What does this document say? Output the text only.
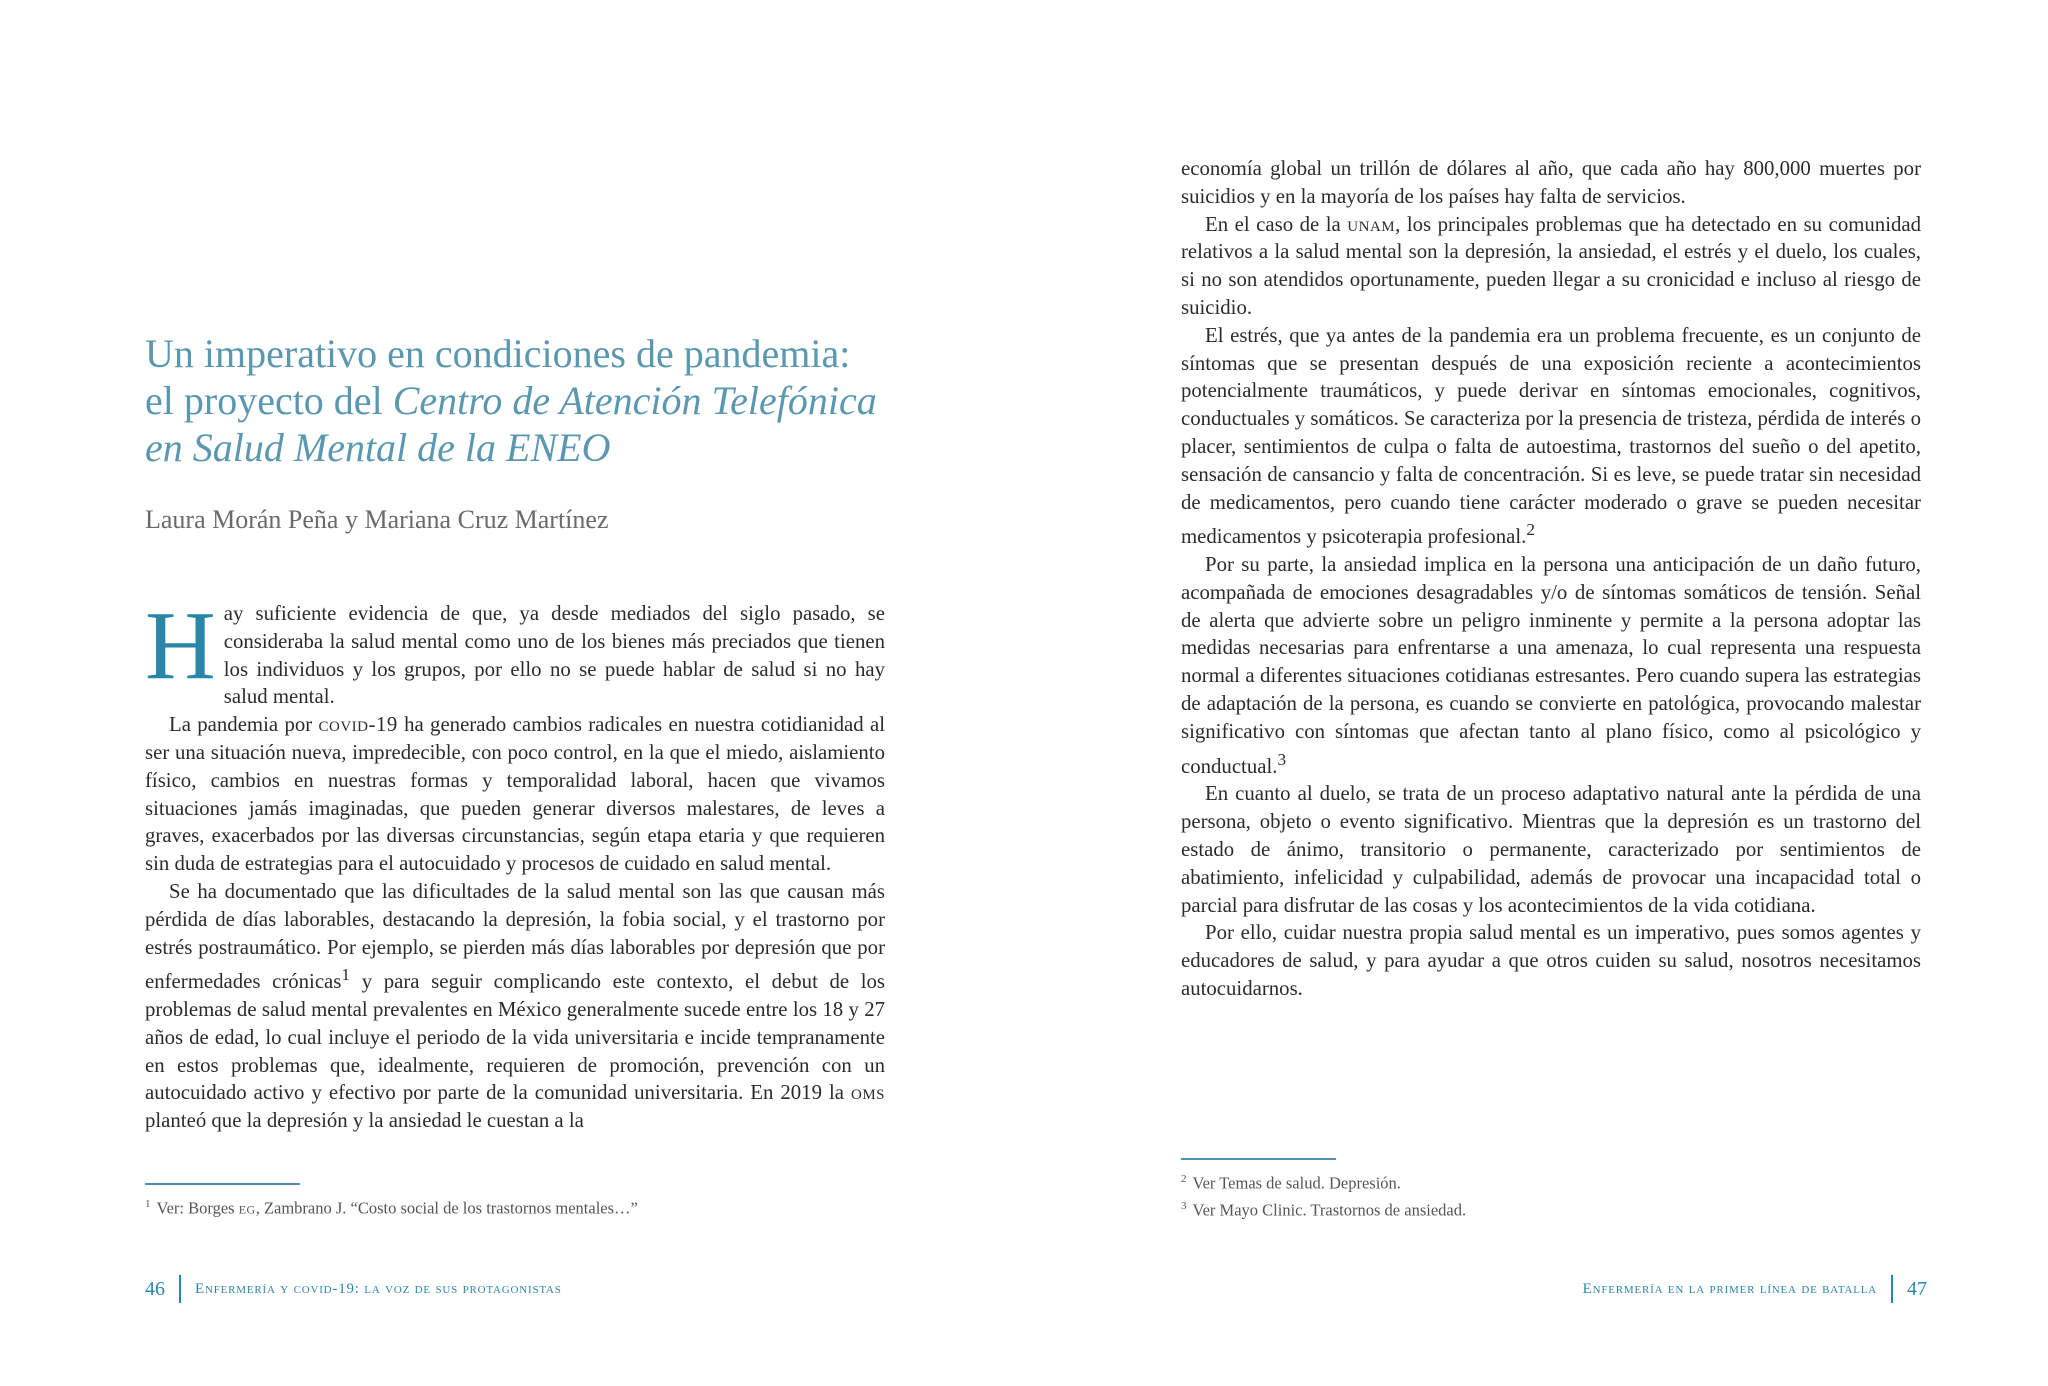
Un imperativo en condiciones de pandemia:
el proyecto del Centro de Atención Telefónica
en Salud Mental de la ENEO

Laura Morán Peña y Mariana Cruz Martínez

Hay suficiente evidencia de que, ya desde mediados del siglo pasado, se consideraba la salud mental como uno de los bienes más preciados que tienen los individuos y los grupos, por ello no se puede hablar de salud si no hay salud mental.

La pandemia por covid-19 ha generado cambios radicales en nuestra cotidianidad al ser una situación nueva, impredecible, con poco control, en la que el miedo, aislamiento físico, cambios en nuestras formas y temporalidad laboral, hacen que vivamos situaciones jamás imaginadas, que pueden generar diversos malestares, de leves a graves, exacerbados por las diversas circunstancias, según etapa etaria y que requieren sin duda de estrategias para el autocuidado y procesos de cuidado en salud mental.

Se ha documentado que las dificultades de la salud mental son las que causan más pérdida de días laborables, destacando la depresión, la fobia social, y el trastorno por estrés postraumático. Por ejemplo, se pierden más días laborables por depresión que por enfermedades crónicas$^1$ y para seguir complicando este contexto, el debut de los problemas de salud mental prevalentes en México generalmente sucede entre los 18 y 27 años de edad, lo cual incluye el periodo de la vida universitaria e incide tempranamente en estos problemas que, idealmente, requieren de promoción, prevención con un autocuidado activo y efectivo por parte de la comunidad universitaria. En 2019 la oms planteó que la depresión y la ansiedad le cuestan a la

$^1$ Ver: Borges eg, Zambrano J. “Costo social de los trastornos mentales…”
46 Enfermería y covid-19: la voz de sus protagonistas

economía global un trillón de dólares al año, que cada año hay 800,000 muertes por suicidios y en la mayoría de los países hay falta de servicios.

En el caso de la unam, los principales problemas que ha detectado en su comunidad relativos a la salud mental son la depresión, la ansiedad, el estrés y el duelo, los cuales, si no son atendidos oportunamente, pueden llegar a su cronicidad e incluso al riesgo de suicidio.

El estrés, que ya antes de la pandemia era un problema frecuente, es un conjunto de síntomas que se presentan después de una exposición reciente a acontecimientos potencialmente traumáticos, y puede derivar en síntomas emocionales, cognitivos, conductuales y somáticos. Se caracteriza por la presencia de tristeza, pérdida de interés o placer, sentimientos de culpa o falta de autoestima, trastornos del sueño o del apetito, sensación de cansancio y falta de concentración. Si es leve, se puede tratar sin necesidad de medicamentos, pero cuando tiene carácter moderado o grave se pueden necesitar medicamentos y psicoterapia profesional.$^2$

Por su parte, la ansiedad implica en la persona una anticipación de un daño futuro, acompañada de emociones desagradables y/o de síntomas somáticos de tensión. Señal de alerta que advierte sobre un peligro inminente y permite a la persona adoptar las medidas necesarias para enfrentarse a una amenaza, lo cual representa una respuesta normal a diferentes situaciones cotidianas estresantes. Pero cuando supera las estrategias de adaptación de la persona, es cuando se convierte en patológica, provocando malestar significativo con síntomas que afectan tanto al plano físico, como al psicológico y conductual.$^3$

En cuanto al duelo, se trata de un proceso adaptativo natural ante la pérdida de una persona, objeto o evento significativo. Mientras que la depresión es un trastorno del estado de ánimo, transitorio o permanente, caracterizado por sentimientos de abatimiento, infelicidad y culpabilidad, además de provocar una incapacidad total o parcial para disfrutar de las cosas y los acontecimientos de la vida cotidiana.

Por ello, cuidar nuestra propia salud mental es un imperativo, pues somos agentes y educadores de salud, y para ayudar a que otros cuiden su salud, nosotros necesitamos autocuidarnos.

$^2$ Ver Temas de salud. Depresión.
$^3$ Ver Mayo Clinic. Trastornos de ansiedad.
Enfermería en la primer línea de batalla 47
